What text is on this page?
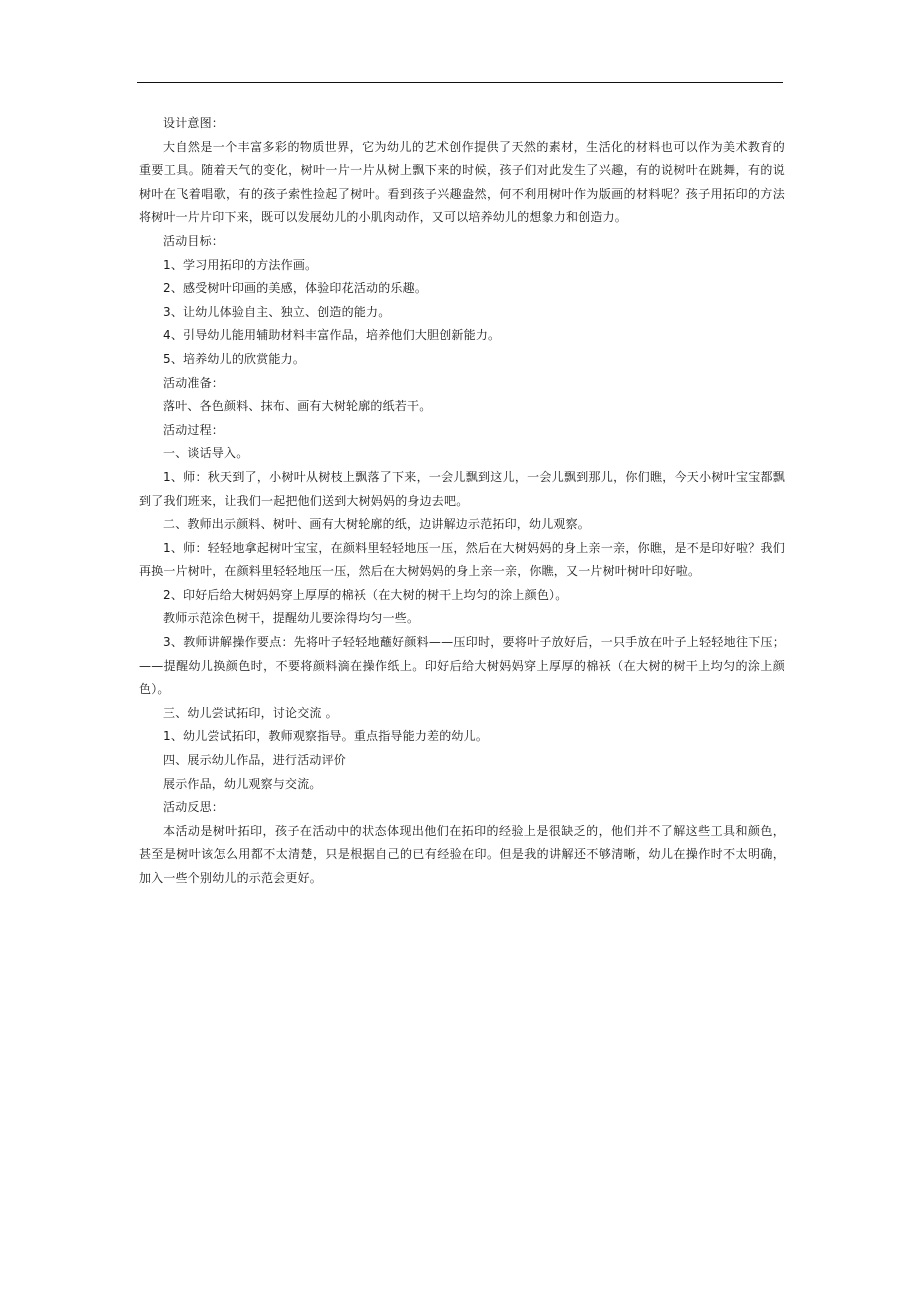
设计意图：

大自然是一个丰富多彩的物质世界，它为幼儿的艺术创作提供了天然的素材，生活化的材料也可以作为美术教育的重要工具。随着天气的变化，树叶一片一片从树上飘下来的时候，孩子们对此发生了兴趣，有的说树叶在跳舞，有的说树叶在飞着唱歌，有的孩子索性捡起了树叶。看到孩子兴趣盎然，何不利用树叶作为版画的材料呢？孩子用拓印的方法将树叶一片片印下来，既可以发展幼儿的小肌肉动作，又可以培养幼儿的想象力和创造力。

活动目标：

1、学习用拓印的方法作画。

2、感受树叶印画的美感，体验印花活动的乐趣。

3、让幼儿体验自主、独立、创造的能力。

4、引导幼儿能用辅助材料丰富作品，培养他们大胆创新能力。

5、培养幼儿的欣赏能力。

活动准备：

落叶、各色颜料、抹布、画有大树轮廓的纸若干。

活动过程：

一、谈话导入。

1、师：秋天到了，小树叶从树枝上飘落了下来，一会儿飘到这儿，一会儿飘到那儿，你们瞧，今天小树叶宝宝都飘到了我们班来，让我们一起把他们送到大树妈妈的身边去吧。

二、教师出示颜料、树叶、画有大树轮廓的纸，边讲解边示范拓印，幼儿观察。

1、师：轻轻地拿起树叶宝宝，在颜料里轻轻地压一压，然后在大树妈妈的身上亲一亲，你瞧，是不是印好啦？我们再换一片树叶，在颜料里轻轻地压一压，然后在大树妈妈的身上亲一亲，你瞧，又一片树叶树叶印好啦。

2、印好后给大树妈妈穿上厚厚的棉袄（在大树的树干上均匀的涂上颜色）。

教师示范涂色树干，提醒幼儿要涂得均匀一些。

3、教师讲解操作要点：先将叶子轻轻地蘸好颜料——压印时，要将叶子放好后，一只手放在叶子上轻轻地往下压；——提醒幼儿换颜色时，不要将颜料滴在操作纸上。印好后给大树妈妈穿上厚厚的棉袄（在大树的树干上均匀的涂上颜色）。

三、幼儿尝试拓印，讨论交流 。

1、幼儿尝试拓印，教师观察指导。重点指导能力差的幼儿。

四、展示幼儿作品，进行活动评价

展示作品，幼儿观察与交流。

活动反思：

本活动是树叶拓印，孩子在活动中的状态体现出他们在拓印的经验上是很缺乏的，他们并不了解这些工具和颜色，甚至是树叶该怎么用都不太清楚，只是根据自己的已有经验在印。但是我的讲解还不够清晰，幼儿在操作时不太明确，加入一些个别幼儿的示范会更好。
